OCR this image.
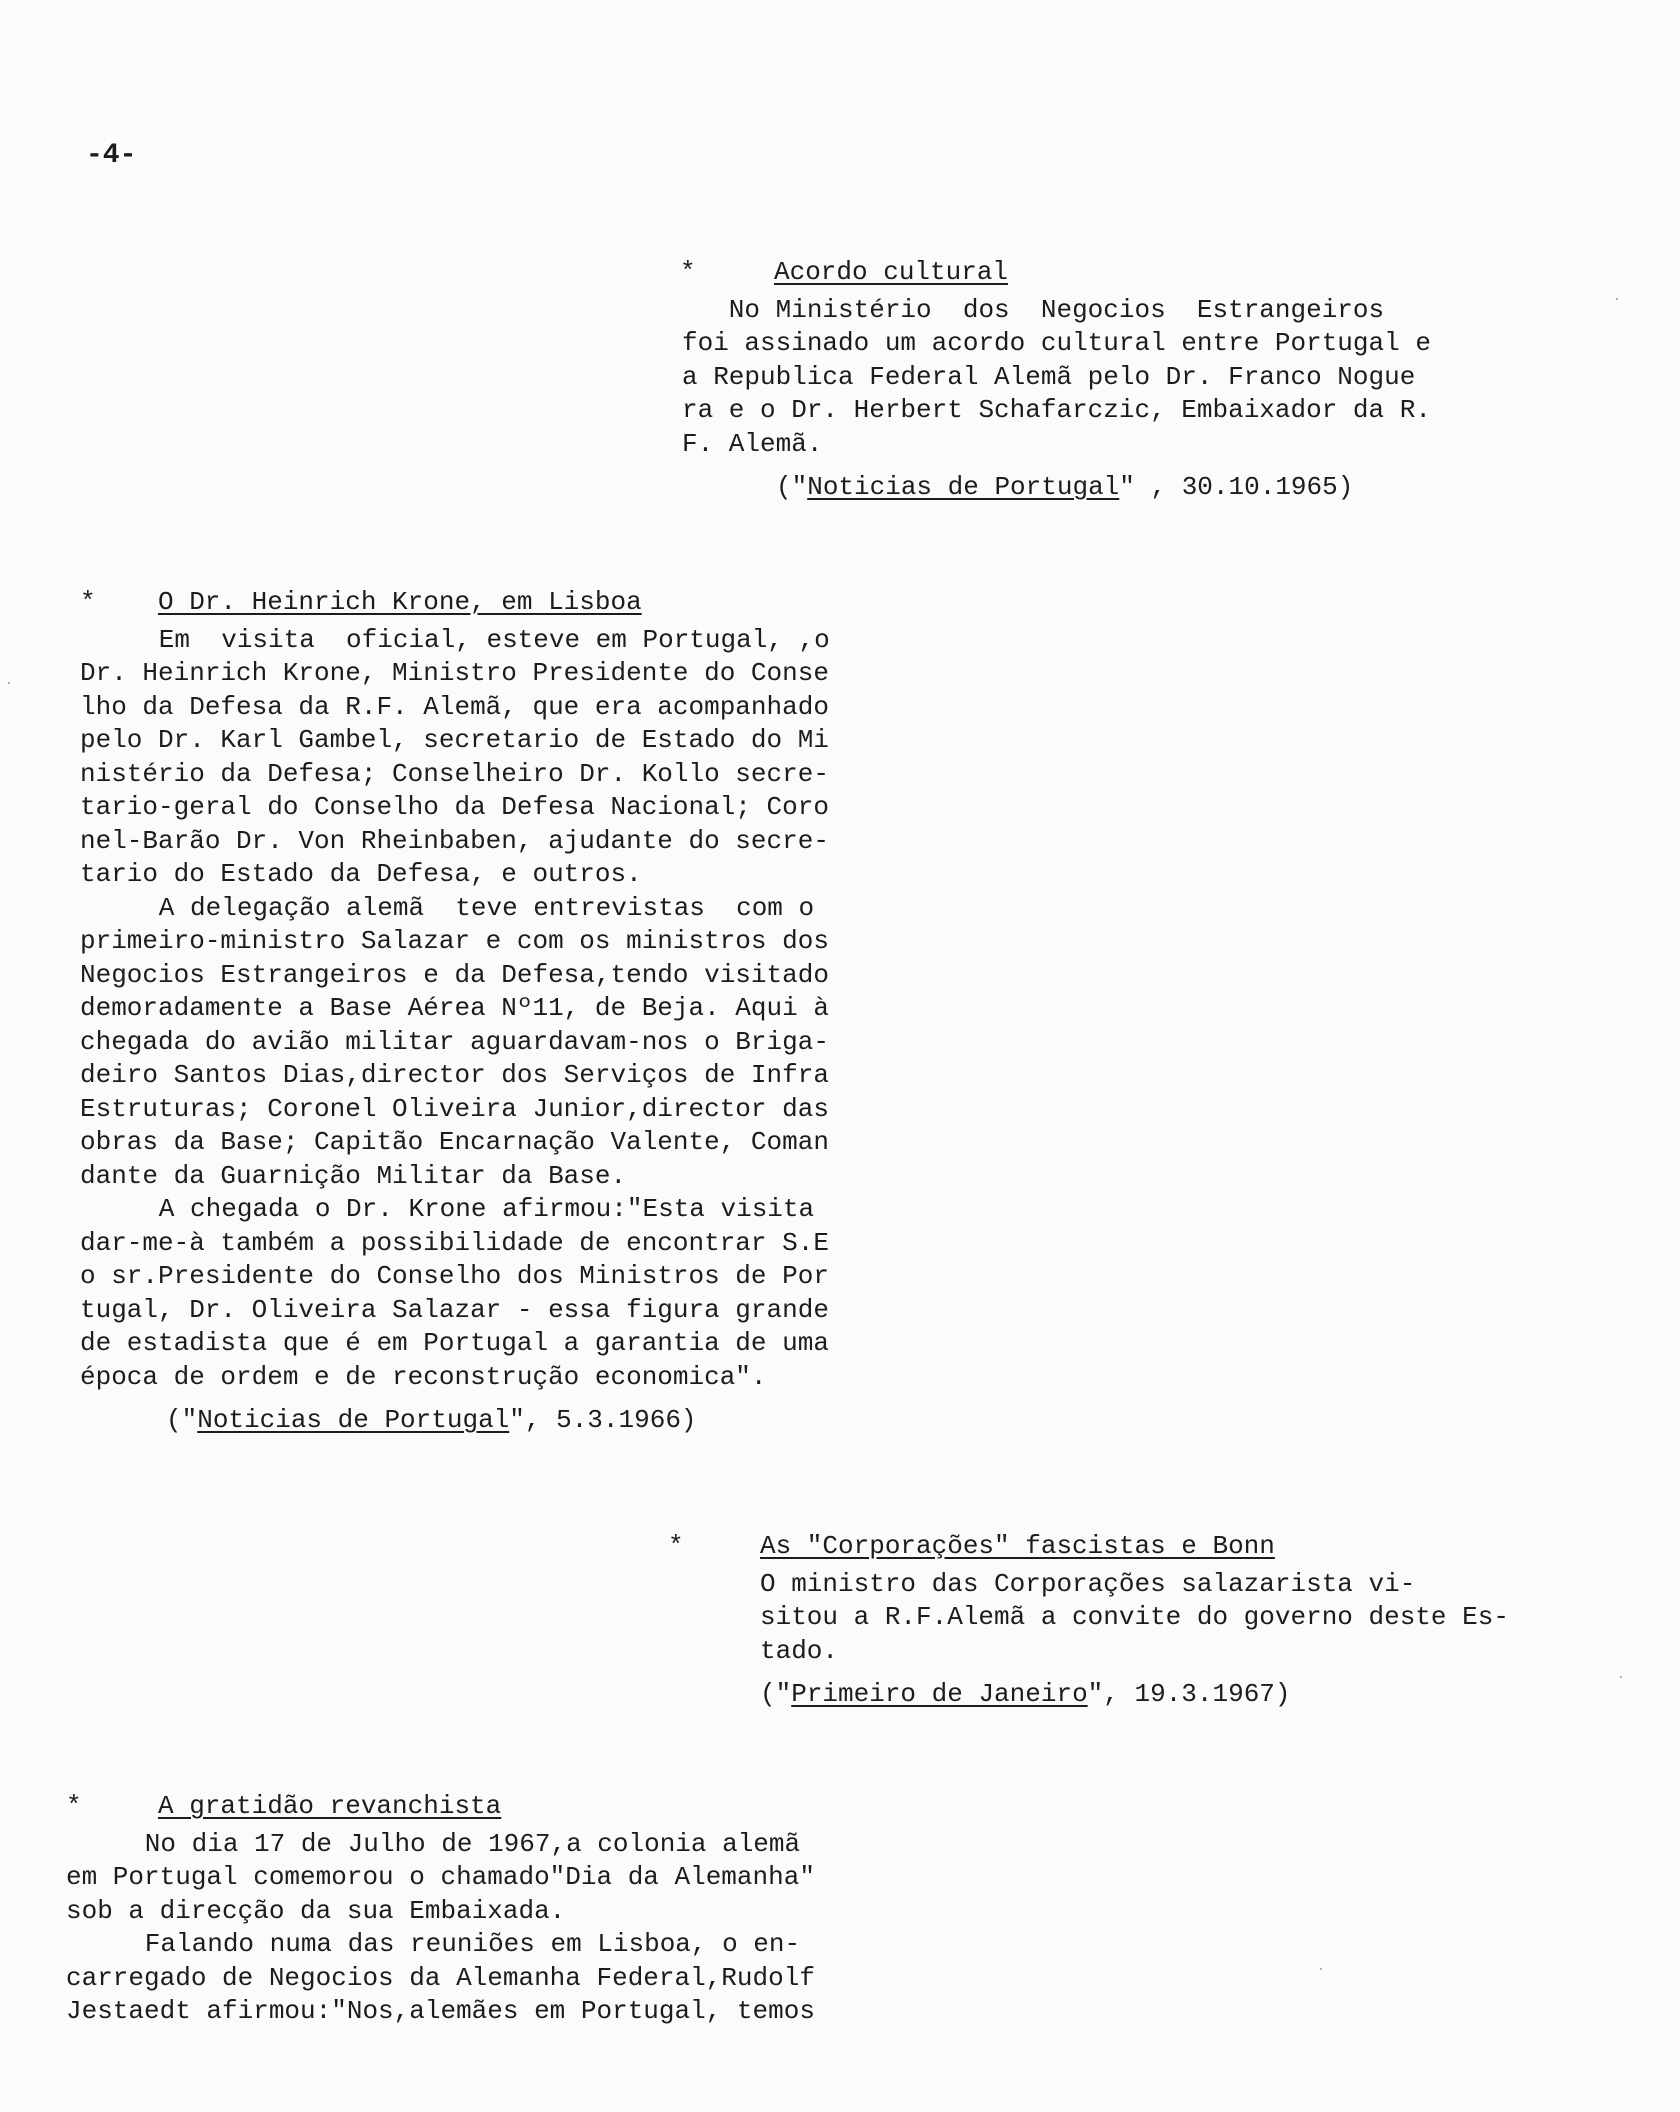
-4-
*	Acordo cultural
No Ministério  dos  Negocios  Estrangeiros
foi assinado um acordo cultural entre Portugal e
a Republica Federal Alemã pelo Dr. Franco Nogue
ra e o Dr. Herbert Schafarczic, Embaixador da R.
F. Alemã.
("Noticias de Portugal" , 30.10.1965)
* O Dr. Heinrich Krone, em Lisboa
Em  visita  oficial, esteve em Portugal, ,o
Dr. Heinrich Krone, Ministro Presidente do Conse
lho da Defesa da R.F. Alemã, que era acompanhado
pelo Dr. Karl Gambel, secretario de Estado do Mi
nistério da Defesa; Conselheiro Dr. Kollo secre-
tario-geral do Conselho da Defesa Nacional; Coro
nel-Barão Dr. Von Rheinbaben, ajudante do secre-
tario do Estado da Defesa, e outros.
A delegação alemã  teve entrevistas  com o
primeiro-ministro Salazar e com os ministros dos
Negocios Estrangeiros e da Defesa,tendo visitado
demoradamente a Base Aérea Nº11, de Beja. Aqui à
chegada do avião militar aguardavam-nos o Briga-
deiro Santos Dias,director dos Serviços de Infra
Estruturas; Coronel Oliveira Junior,director das
obras da Base; Capitão Encarnação Valente, Coman
dante da Guarnição Militar da Base.
A chegada o Dr. Krone afirmou:"Esta visita
dar-me-à também a possibilidade de encontrar S.E
o sr.Presidente do Conselho dos Ministros de Por
tugal, Dr. Oliveira Salazar - essa figura grande
de estadista que é em Portugal a garantia de uma
época de ordem e de reconstrução economica".
("Noticias de Portugal", 5.3.1966)
*	As "Corporações" fascistas e Bonn
O ministro das Corporações salazarista vi-
sitou a R.F.Alemã a convite do governo deste Es-
tado.
("Primeiro de Janeiro", 19.3.1967)
*	A gratidão revanchista
No dia 17 de Julho de 1967,a colonia alemã
em Portugal comemorou o chamado"Dia da Alemanha"
sob a direcção da sua Embaixada.
Falando numa das reuniões em Lisboa, o en-
carregado de Negocios da Alemanha Federal,Rudolf
Jestaedt afirmou:"Nos,alemães em Portugal, temos
